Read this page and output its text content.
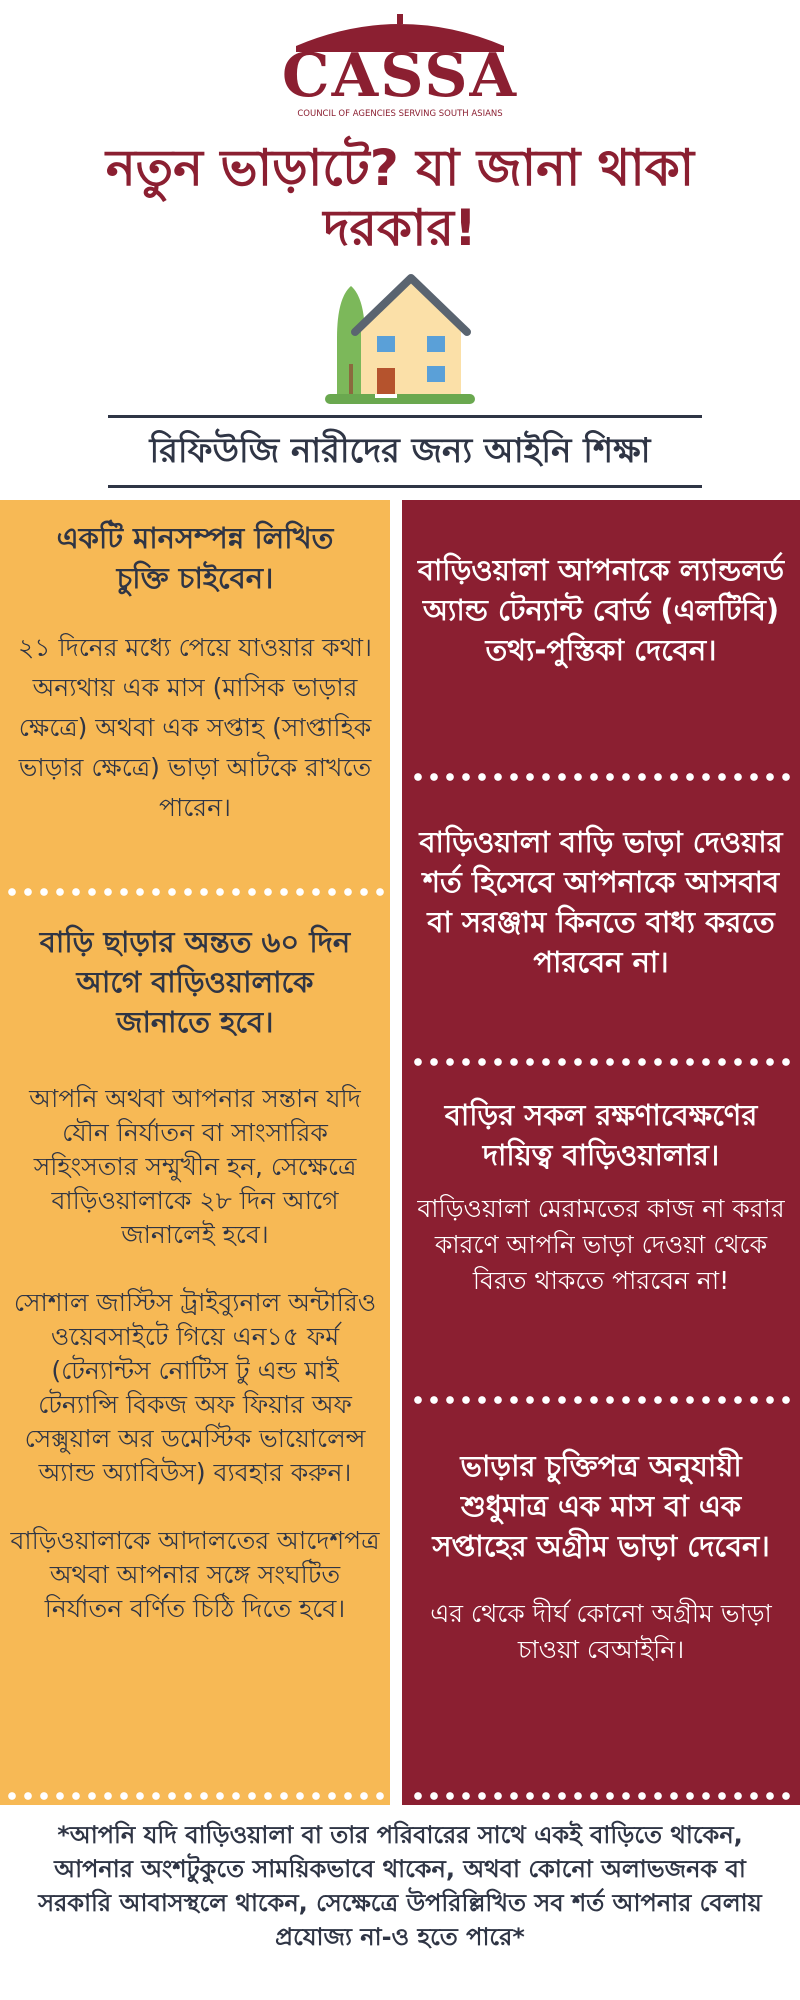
CASSA
COUNCIL OF AGENCIES SERVING SOUTH ASIANS
নতুন ভাড়াটে? যা জানা থাকা দরকার!
রিফিউজি নারীদের জন্য আইনি শিক্ষা

একটি মানসম্পন্ন লিখিত চুক্তি চাইবেন।

২১ দিনের মধ্যে পেয়ে যাওয়ার কথা। অন্যথায় এক মাস (মাসিক ভাড়ার ক্ষেত্রে) অথবা এক সপ্তাহ (সাপ্তাহিক ভাড়ার ক্ষেত্রে) ভাড়া আটকে রাখতে পারেন।

বাড়ি ছাড়ার অন্তত ৬০ দিন আগে বাড়িওয়ালাকে জানাতে হবে।

আপনি অথবা আপনার সন্তান যদি যৌন নির্যাতন বা সাংসারিক সহিংসতার সম্মুখীন হন, সেক্ষেত্রে বাড়িওয়ালাকে ২৮ দিন আগে জানালেই হবে।

সোশাল জাস্টিস ট্রাইব্যুনাল অন্টারিও ওয়েবসাইটে গিয়ে এন১৫ ফর্ম (টেন্যান্টস নোটিস টু এন্ড মাই টেন্যান্সি বিকজ অফ ফিয়ার অফ সেক্সুয়াল অর ডমেস্টিক ভায়োলেন্স অ্যান্ড অ্যাবিউস) ব্যবহার করুন।

বাড়িওয়ালাকে আদালতের আদেশপত্র অথবা আপনার সঙ্গে সংঘটিত নির্যাতন বর্ণিত চিঠি দিতে হবে।

বাড়িওয়ালা আপনাকে ল্যান্ডলর্ড অ্যান্ড টেন্যান্ট বোর্ড (এলটিবি) তথ্য-পুস্তিকা দেবেন।

বাড়িওয়ালা বাড়ি ভাড়া দেওয়ার শর্ত হিসেবে আপনাকে আসবাব বা সরঞ্জাম কিনতে বাধ্য করতে পারবেন না।

বাড়ির সকল রক্ষণাবেক্ষণের দায়িত্ব বাড়িওয়ালার।

বাড়িওয়ালা মেরামতের কাজ না করার কারণে আপনি ভাড়া দেওয়া থেকে বিরত থাকতে পারবেন না!

ভাড়ার চুক্তিপত্র অনুযায়ী শুধুমাত্র এক মাস বা এক সপ্তাহের অগ্রীম ভাড়া দেবেন।

এর থেকে দীর্ঘ কোনো অগ্রীম ভাড়া চাওয়া বেআইনি।

*আপনি যদি বাড়িওয়ালা বা তার পরিবারের সাথে একই বাড়িতে থাকেন, আপনার অংশটুকুতে সাময়িকভাবে থাকেন, অথবা কোনো অলাভজনক বা সরকারি আবাসস্থলে থাকেন, সেক্ষেত্রে উপরিল্লিখিত সব শর্ত আপনার বেলায় প্রযোজ্য না-ও হতে পারে*
